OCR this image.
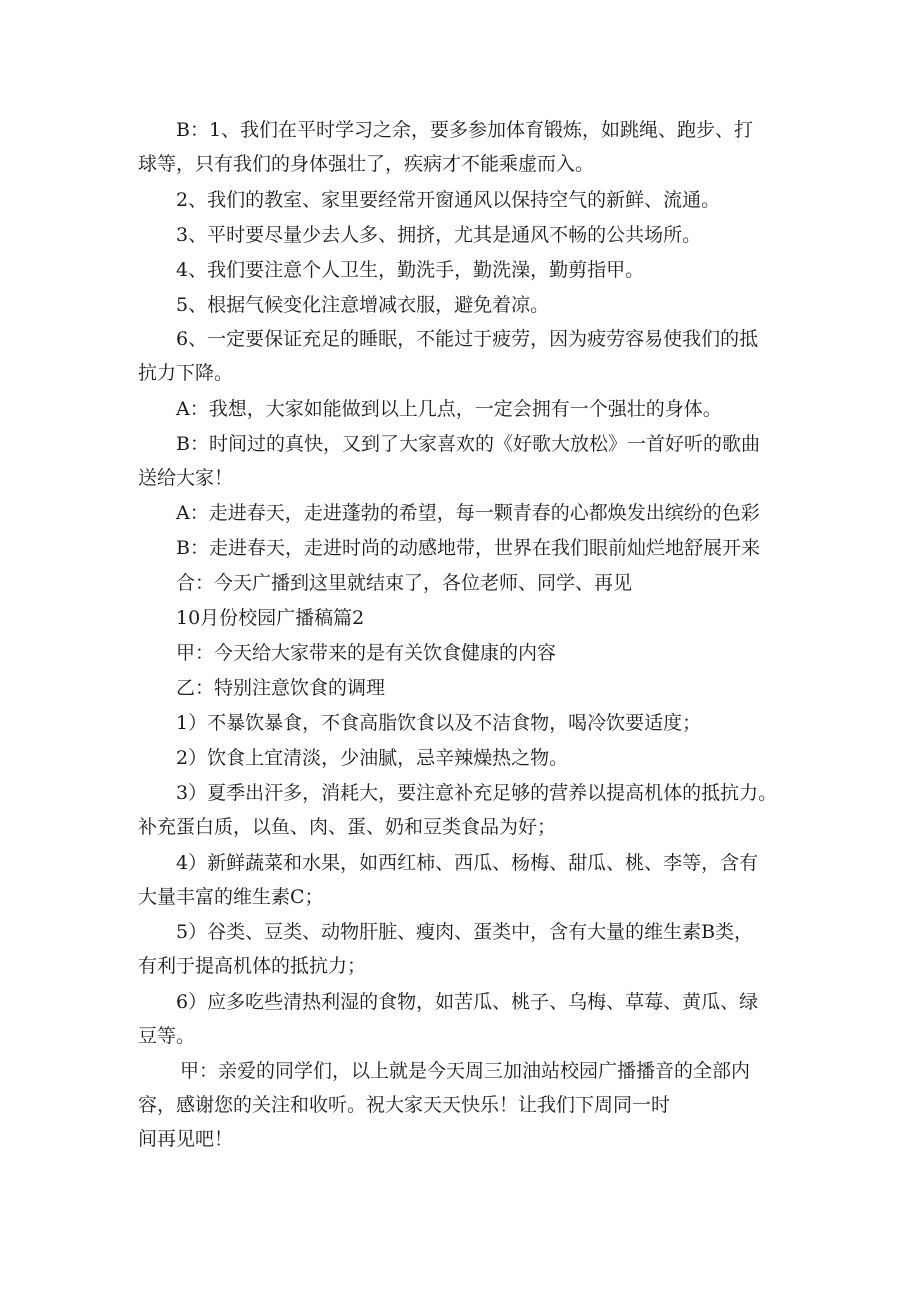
B：1、我们在平时学习之余，要多参加体育锻炼，如跳绳、跑步、打
球等，只有我们的身体强壮了，疾病才不能乘虚而入。

2、我们的教室、家里要经常开窗通风以保持空气的新鲜、流通。

3、平时要尽量少去人多、拥挤，尤其是通风不畅的公共场所。

4、我们要注意个人卫生，勤洗手，勤洗澡，勤剪指甲。

5、根据气候变化注意增减衣服，避免着凉。

6、一定要保证充足的睡眠，不能过于疲劳，因为疲劳容易使我们的抵
抗力下降。

A：我想，大家如能做到以上几点，一定会拥有一个强壮的身体。

B：时间过的真快，又到了大家喜欢的《好歌大放松》一首好听的歌曲
送给大家！

A：走进春天，走进蓬勃的希望，每一颗青春的心都焕发出缤纷的色彩

B：走进春天，走进时尚的动感地带，世界在我们眼前灿烂地舒展开来

合：今天广播到这里就结束了，各位老师、同学、再见

10月份校园广播稿篇2

甲：今天给大家带来的是有关饮食健康的内容

乙：特别注意饮食的调理

1）不暴饮暴食，不食高脂饮食以及不洁食物，喝冷饮要适度；

2）饮食上宜清淡，少油腻，忌辛辣燥热之物。

3）夏季出汗多，消耗大，要注意补充足够的营养以提高机体的抵抗力。
补充蛋白质，以鱼、肉、蛋、奶和豆类食品为好；

4）新鲜蔬菜和水果，如西红柿、西瓜、杨梅、甜瓜、桃、李等，含有
大量丰富的维生素C；

5）谷类、豆类、动物肝脏、瘦肉、蛋类中，含有大量的维生素B类，
有利于提高机体的抵抗力；

6）应多吃些清热利湿的食物，如苦瓜、桃子、乌梅、草莓、黄瓜、绿
豆等。

甲：亲爱的同学们，以上就是今天周三加油站校园广播播音的全部内
容，感谢您的关注和收听。祝大家天天快乐！让我们下周同一时
间再见吧！
